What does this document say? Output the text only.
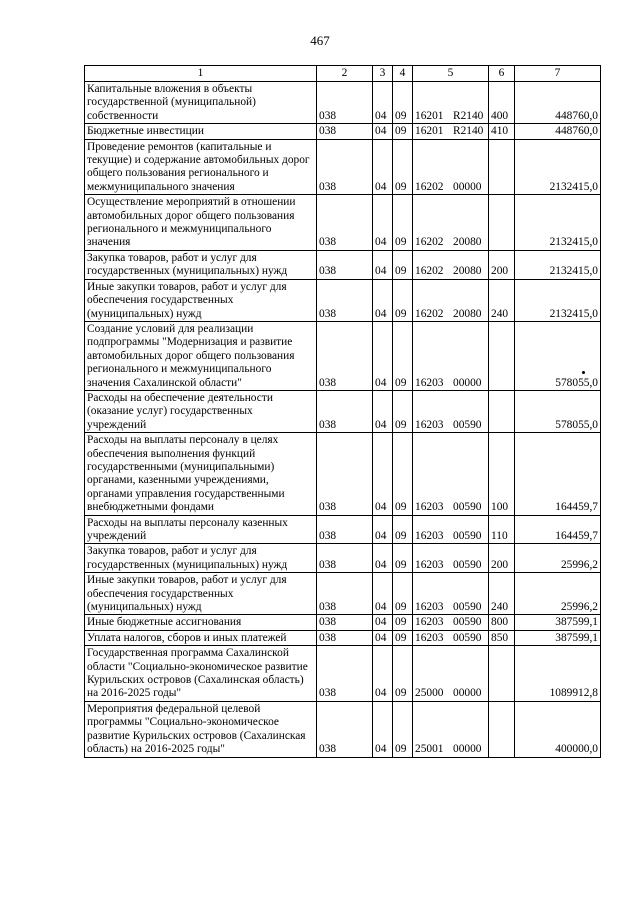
467
1	2	3	4	5	6	7
Капитальные вложения в объекты государственной (муниципальной) собственности	038	04	09	16201 R2140	400	448760,0
Бюджетные инвестиции	038	04	09	16201 R2140	410	448760,0
Проведение ремонтов (капитальные и текущие) и содержание автомобильных дорог общего пользования регионального и межмуниципального значения	038	04	09	16202 00000		2132415,0
Осуществление мероприятий в отношении автомобильных дорог общего пользования регионального и межмуниципального значения	038	04	09	16202 20080		2132415,0
Закупка товаров, работ и услуг для государственных (муниципальных) нужд	038	04	09	16202 20080	200	2132415,0
Иные закупки товаров, работ и услуг для обеспечения государственных (муниципальных) нужд	038	04	09	16202 20080	240	2132415,0
Создание условий для реализации подпрограммы "Модернизация и развитие автомобильных дорог общего пользования регионального и межмуниципального значения Сахалинской области"	038	04	09	16203 00000		578055,0
Расходы на обеспечение деятельности (оказание услуг) государственных учреждений	038	04	09	16203 00590		578055,0
Расходы на выплаты персоналу в целях обеспечения выполнения функций государственными (муниципальными) органами, казенными учреждениями, органами управления государственными внебюджетными фондами	038	04	09	16203 00590	100	164459,7
Расходы на выплаты персоналу казенных учреждений	038	04	09	16203 00590	110	164459,7
Закупка товаров, работ и услуг для государственных (муниципальных) нужд	038	04	09	16203 00590	200	25996,2
Иные закупки товаров, работ и услуг для обеспечения государственных (муниципальных) нужд	038	04	09	16203 00590	240	25996,2
Иные бюджетные ассигнования	038	04	09	16203 00590	800	387599,1
Уплата налогов, сборов и иных платежей	038	04	09	16203 00590	850	387599,1
Государственная программа Сахалинской области "Социально-экономическое развитие Курильских островов (Сахалинская область) на 2016-2025 годы"	038	04	09	25000 00000		1089912,8
Мероприятия федеральной целевой программы "Социально-экономическое развитие Курильских островов (Сахалинская область) на 2016-2025 годы"	038	04	09	25001 00000		400000,0
